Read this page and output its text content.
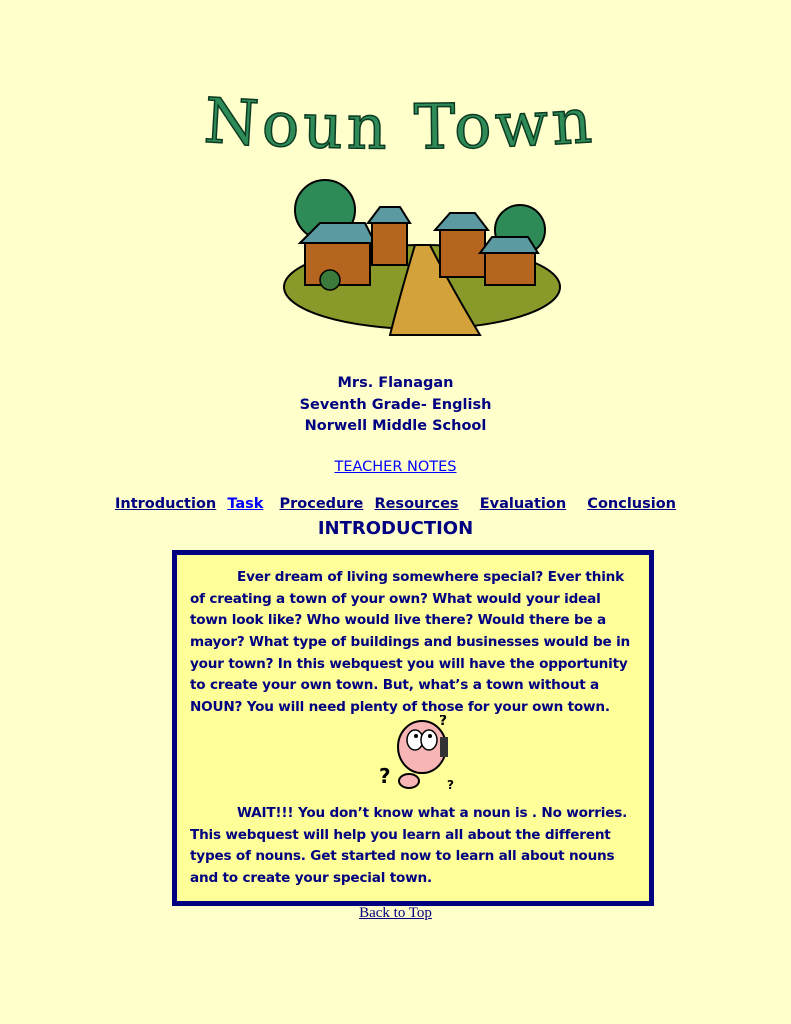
Noun Town
Mrs. Flanagan
Seventh Grade- English
Norwell Middle School
TEACHER NOTES
Introduction Task Procedure Resources Evaluation Conclusion
INTRODUCTION
Ever dream of living somewhere special? Ever think
of creating a town of your own? What would your ideal
town look like? Who would live there? Would there be a
mayor? What type of buildings and businesses would be in
your town? In this webquest you will have the opportunity
to create your own town. But, what’s a town without a
NOUN? You will need plenty of those for your own town.
?
?
?
WAIT!!! You don’t know what a noun is . No worries.
This webquest will help you learn all about the different
types of nouns. Get started now to learn all about nouns
and to create your special town.
Back to Top
